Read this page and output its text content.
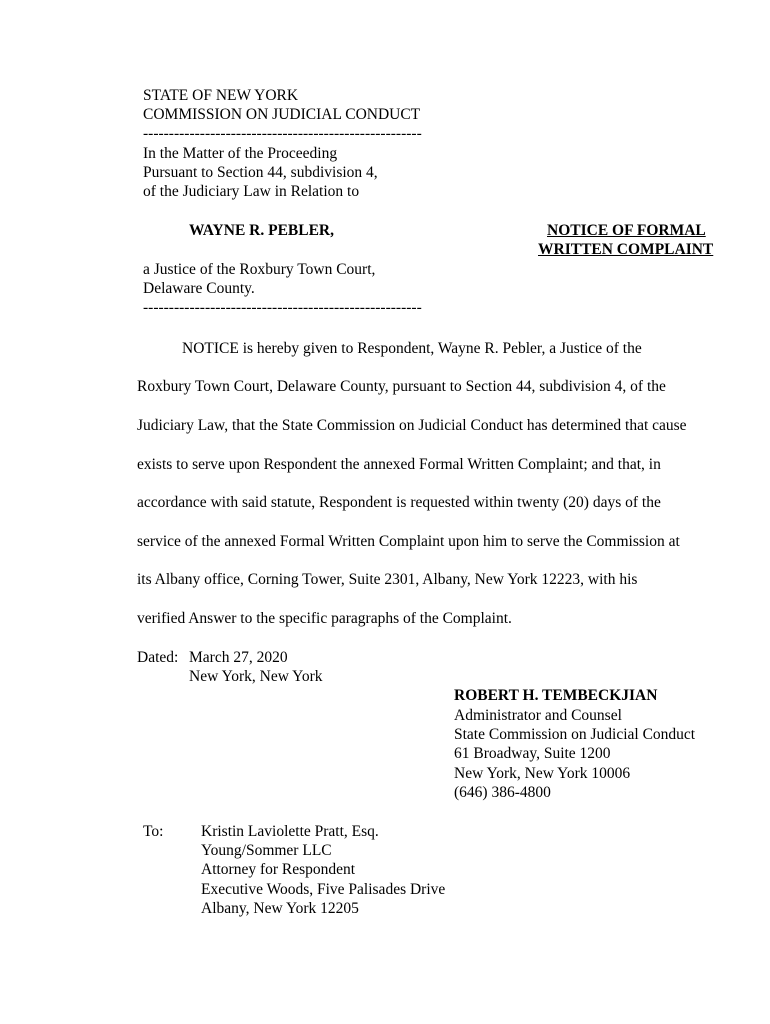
STATE OF NEW YORK
COMMISSION ON JUDICIAL CONDUCT
------------------------------------------------------
In the Matter of the Proceeding
Pursuant to Section 44, subdivision 4,
of the Judiciary Law in Relation to
WAYNE R. PEBLER,	NOTICE OF FORMAL
WRITTEN COMPLAINT
a Justice of the Roxbury Town Court,
Delaware County.
------------------------------------------------------
NOTICE is hereby given to Respondent, Wayne R. Pebler, a Justice of the
Roxbury Town Court, Delaware County, pursuant to Section 44, subdivision 4, of the
Judiciary Law, that the State Commission on Judicial Conduct has determined that cause
exists to serve upon Respondent the annexed Formal Written Complaint; and that, in
accordance with said statute, Respondent is requested within twenty (20) days of the
service of the annexed Formal Written Complaint upon him to serve the Commission at
its Albany office, Corning Tower, Suite 2301, Albany, New York 12223, with his
verified Answer to the specific paragraphs of the Complaint.
Dated: March 27, 2020
New York, New York
ROBERT H. TEMBECKJIAN
Administrator and Counsel
State Commission on Judicial Conduct
61 Broadway, Suite 1200
New York, New York 10006
(646) 386-4800
To: Kristin Laviolette Pratt, Esq.
Young/Sommer LLC
Attorney for Respondent
Executive Woods, Five Palisades Drive
Albany, New York 12205
